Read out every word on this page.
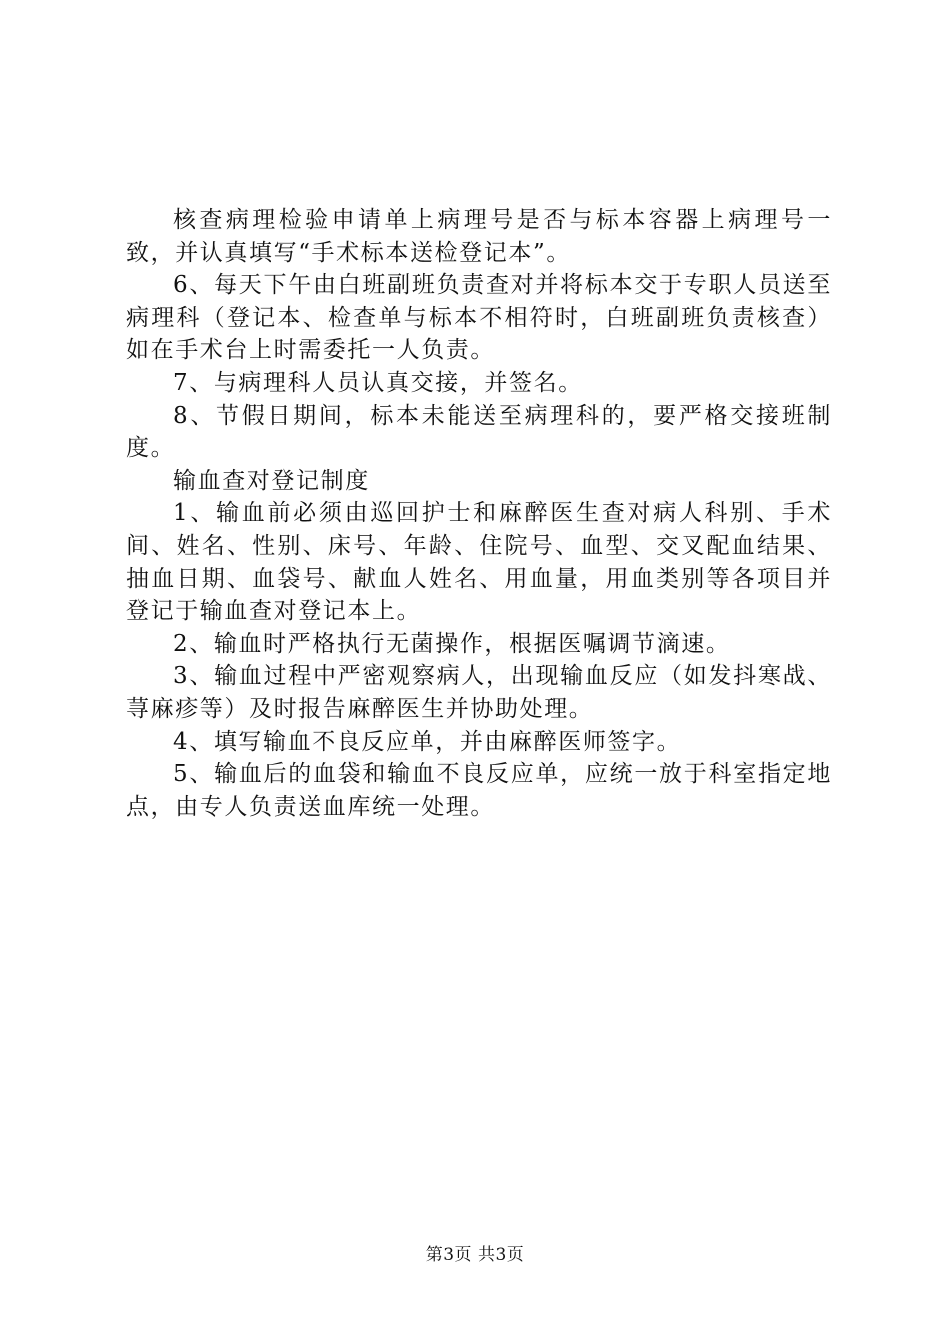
核查病理检验申请单上病理号是否与标本容器上病理号一致，并认真填写“手术标本送检登记本”。

6、每天下午由白班副班负责查对并将标本交于专职人员送至病理科（登记本、检查单与标本不相符时，白班副班负责核查）如在手术台上时需委托一人负责。

7、与病理科人员认真交接，并签名。

8、节假日期间，标本未能送至病理科的，要严格交接班制度。

输血查对登记制度

1、输血前必须由巡回护士和麻醉医生查对病人科别、手术间、姓名、性别、床号、年龄、住院号、血型、交叉配血结果、抽血日期、血袋号、献血人姓名、用血量，用血类别等各项目并登记于输血查对登记本上。

2、输血时严格执行无菌操作，根据医嘱调节滴速。

3、输血过程中严密观察病人，出现输血反应（如发抖寒战、荨麻疹等）及时报告麻醉医生并协助处理。

4、填写输血不良反应单，并由麻醉医师签字。

5、输血后的血袋和输血不良反应单，应统一放于科室指定地点，由专人负责送血库统一处理。

第3页 共3页
